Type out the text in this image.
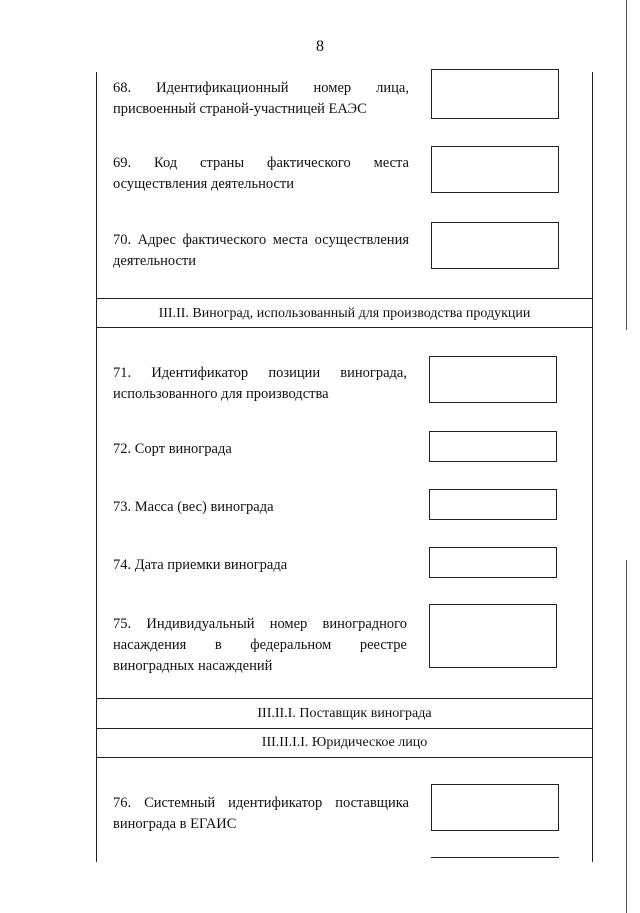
8
68. Идентификационный номер лица, присвоенный страной-участницей ЕАЭС
69. Код страны фактического места осуществления деятельности
70. Адрес фактического места осуществления деятельности
III.II. Виноград, использованный для производства продукции
71. Идентификатор позиции винограда, использованного для производства
72. Сорт винограда
73. Масса (вес) винограда
74. Дата приемки винограда
75. Индивидуальный номер виноградного насаждения в федеральном реестре виноградных насаждений
III.II.I. Поставщик винограда
III.II.I.I. Юридическое лицо
76. Системный идентификатор поставщика винограда в ЕГАИС
